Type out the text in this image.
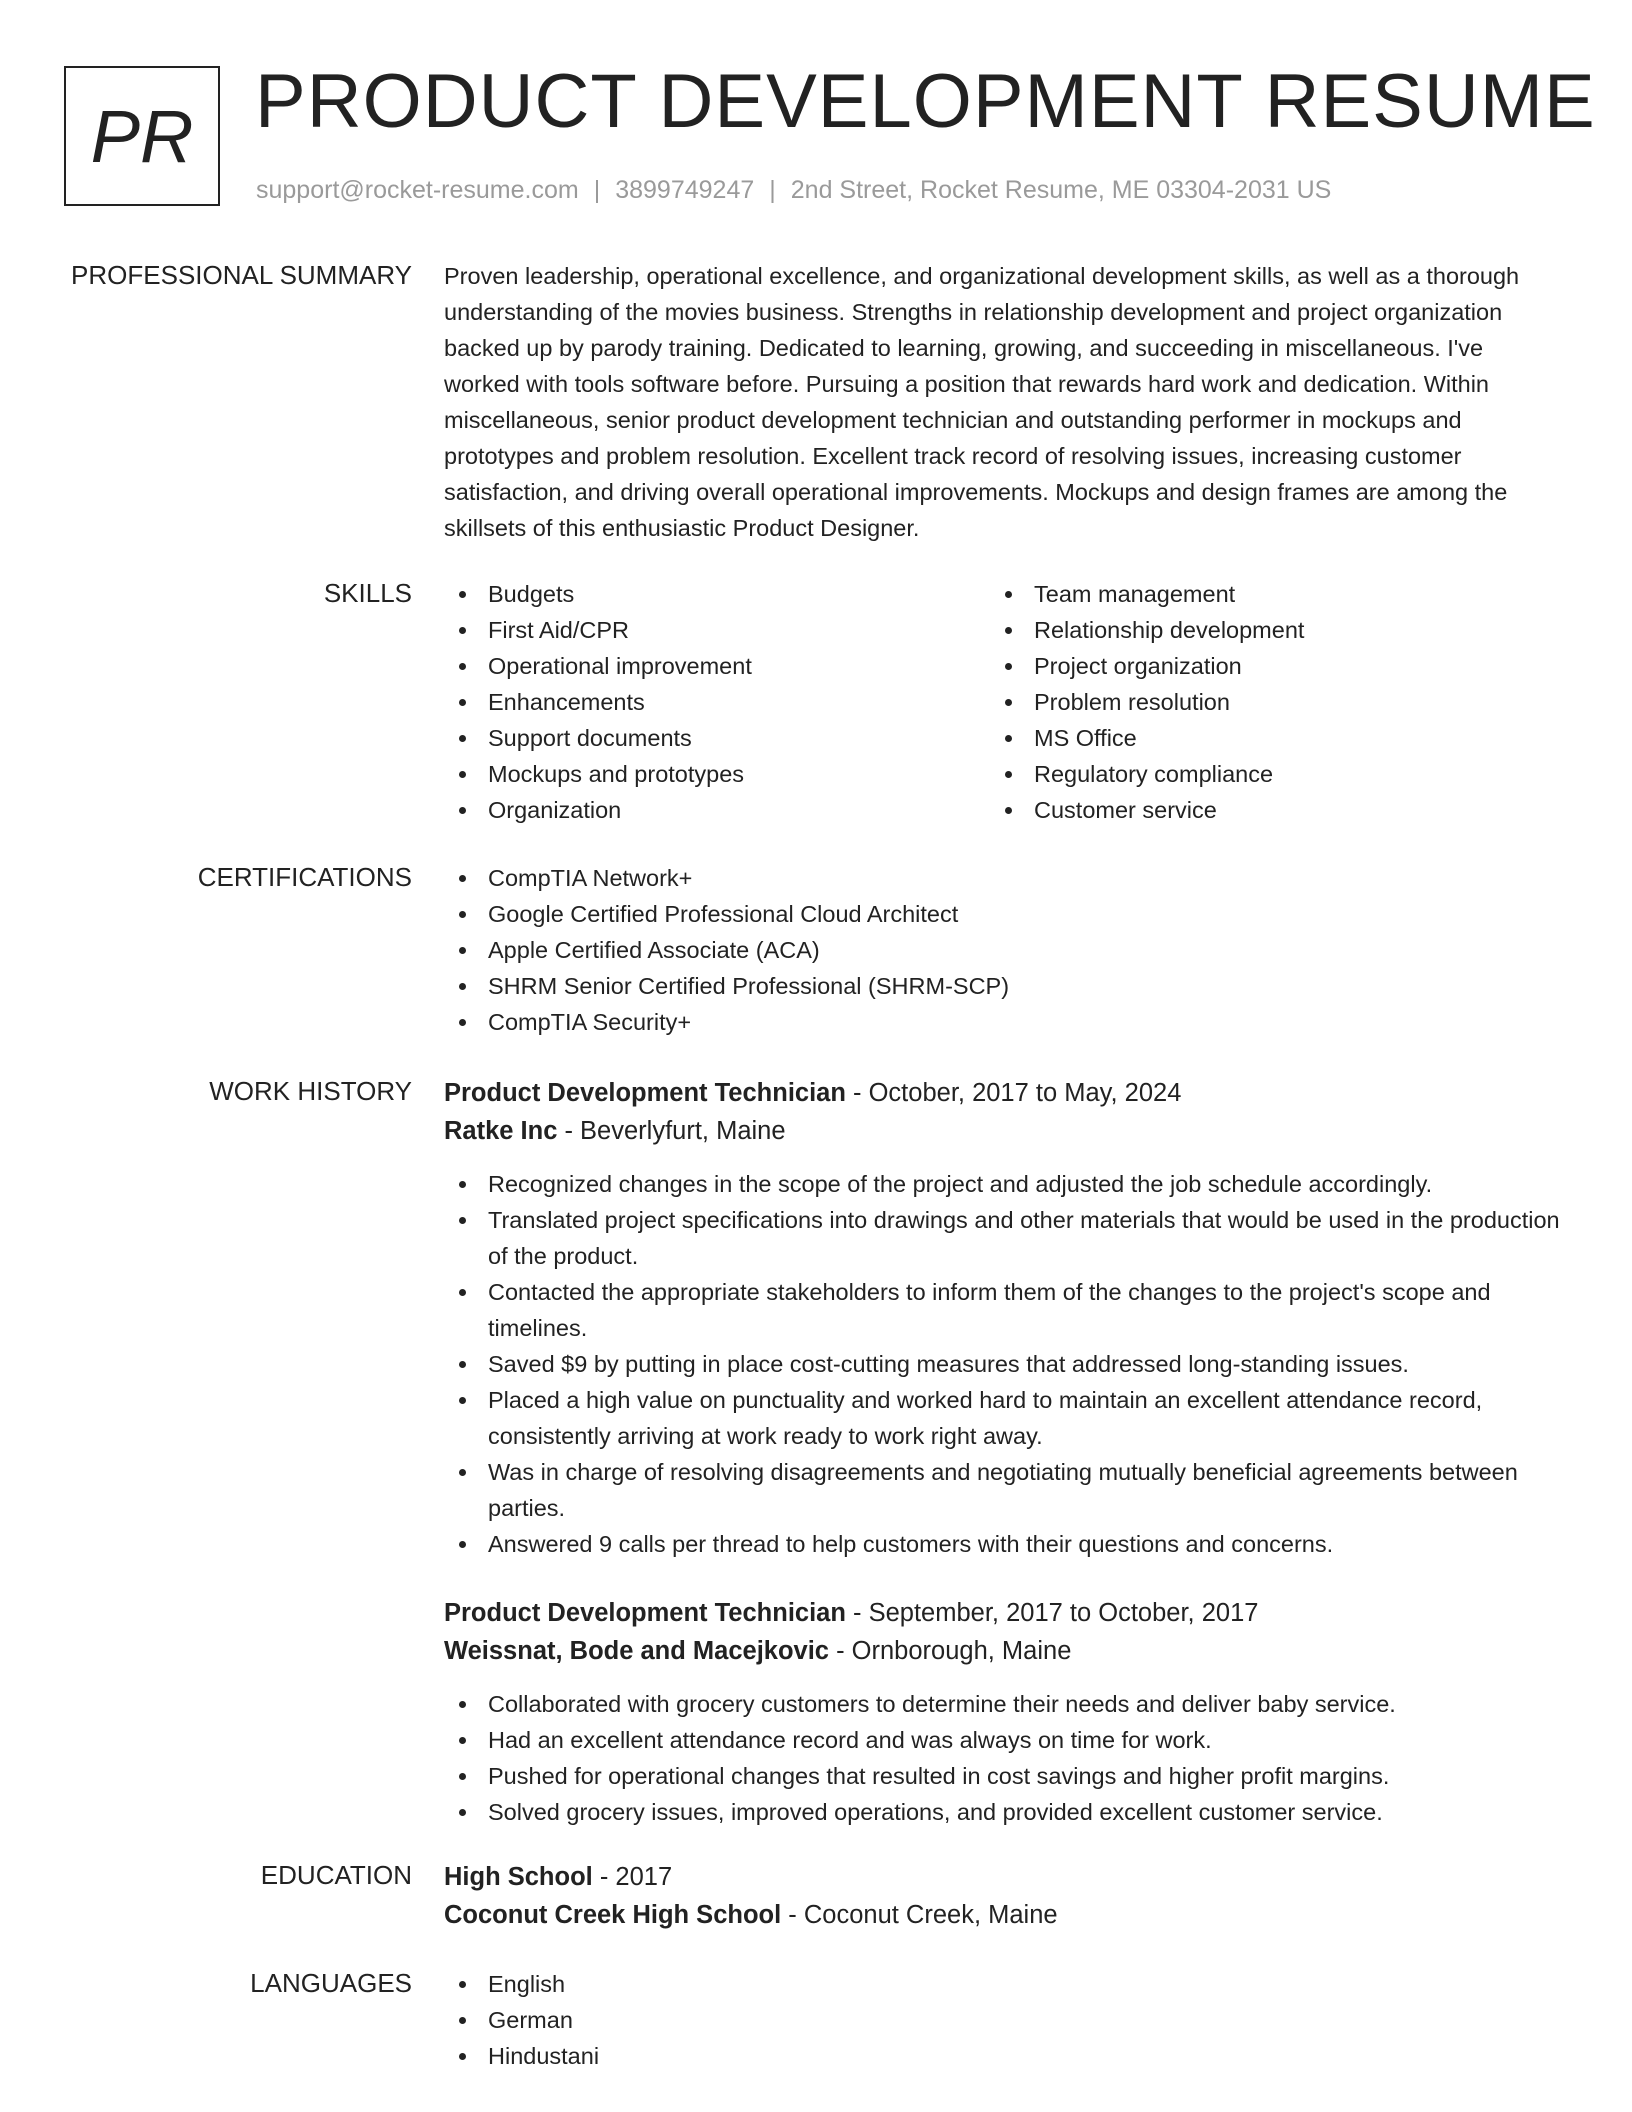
PR PRODUCT DEVELOPMENT RESUME
support@rocket-resume.com | 3899749247 | 2nd Street, Rocket Resume, ME 03304-2031 US
PROFESSIONAL SUMMARY Proven leadership, operational excellence, and organizational development skills, as well as a thorough understanding of the movies business. Strengths in relationship development and project organization backed up by parody training. Dedicated to learning, growing, and succeeding in miscellaneous. I've worked with tools software before. Pursuing a position that rewards hard work and dedication. Within miscellaneous, senior product development technician and outstanding performer in mockups and prototypes and problem resolution. Excellent track record of resolving issues, increasing customer satisfaction, and driving overall operational improvements. Mockups and design frames are among the skillsets of this enthusiastic Product Designer.

SKILLS	Budgets
First Aid/CPR
Operational improvement
Enhancements
Support documents
Mockups and prototypes
Organization
Team management
Relationship development
Project organization
Problem resolution
MS Office
Regulatory compliance
Customer service
CERTIFICATIONS	CompTIA Network+
Google Certified Professional Cloud Architect
Apple Certified Associate (ACA)
SHRM Senior Certified Professional (SHRM-SCP)
CompTIA Security+
WORK HISTORY Product Development Technician - October, 2017 to May, 2024
Ratke Inc - Beverlyfurt, Maine
Recognized changes in the scope of the project and adjusted the job schedule accordingly.
Translated project specifications into drawings and other materials that would be used in the production of the product.
Contacted the appropriate stakeholders to inform them of the changes to the project's scope and timelines.
Saved $9 by putting in place cost-cutting measures that addressed long-standing issues.
Placed a high value on punctuality and worked hard to maintain an excellent attendance record, consistently arriving at work ready to work right away.
Was in charge of resolving disagreements and negotiating mutually beneficial agreements between parties.
Answered 9 calls per thread to help customers with their questions and concerns.
Product Development Technician - September, 2017 to October, 2017
Weissnat, Bode and Macejkovic - Ornborough, Maine
Collaborated with grocery customers to determine their needs and deliver baby service.
Had an excellent attendance record and was always on time for work.
Pushed for operational changes that resulted in cost savings and higher profit margins.
Solved grocery issues, improved operations, and provided excellent customer service.
EDUCATION High School - 2017
Coconut Creek High School - Coconut Creek, Maine
LANGUAGES	English
German
Hindustani
